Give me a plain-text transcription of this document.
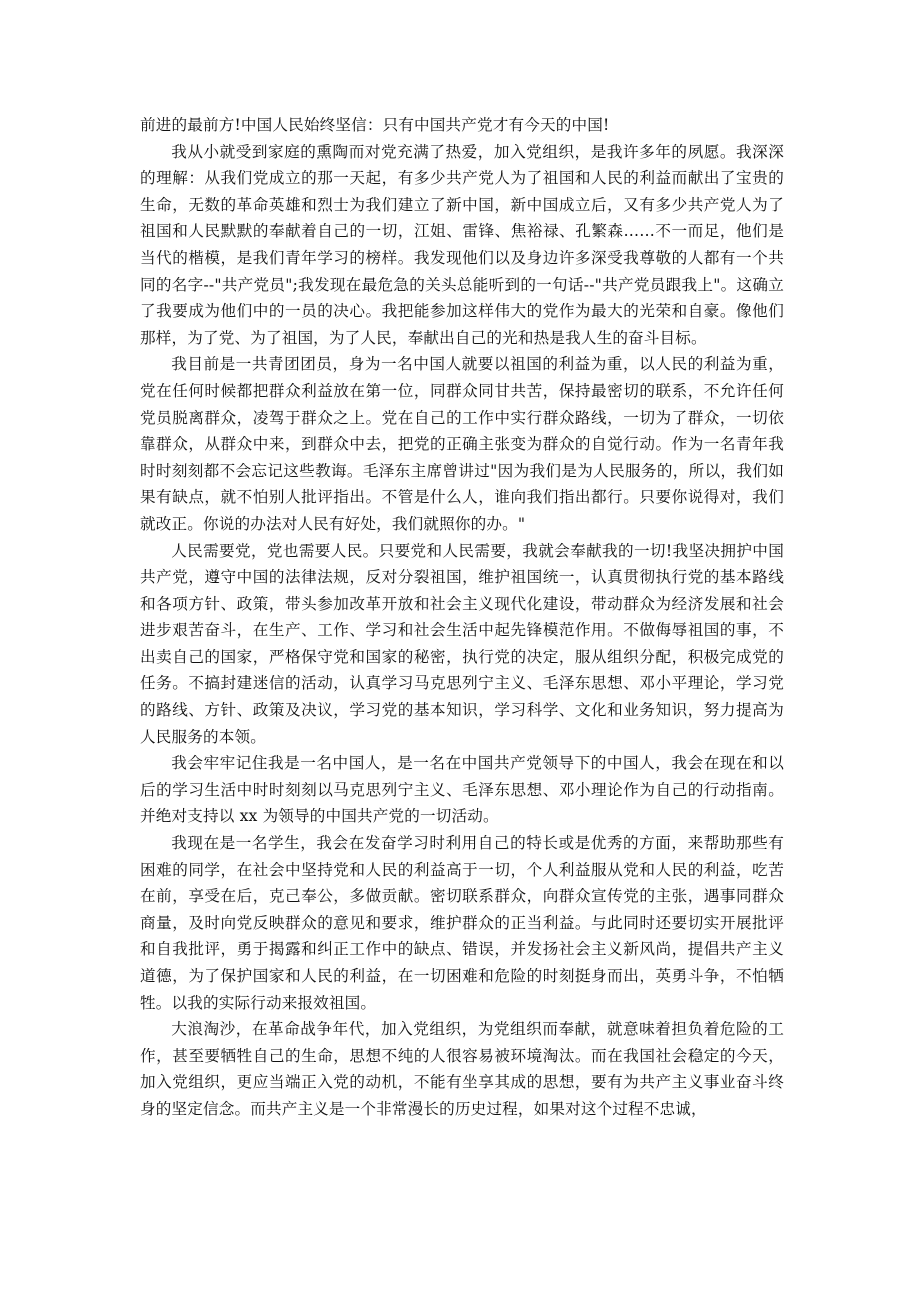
前进的最前方!中国人民始终坚信：只有中国共产党才有今天的中国!

我从小就受到家庭的熏陶而对党充满了热爱，加入党组织，是我许多年的夙愿。我深深的理解：从我们党成立的那一天起，有多少共产党人为了祖国和人民的利益而献出了宝贵的生命，无数的革命英雄和烈士为我们建立了新中国，新中国成立后，又有多少共产党人为了祖国和人民默默的奉献着自己的一切，江姐、雷锋、焦裕禄、孔繁森……不一而足，他们是当代的楷模，是我们青年学习的榜样。我发现他们以及身边许多深受我尊敬的人都有一个共同的名字--"共产党员";我发现在最危急的关头总能听到的一句话--"共产党员跟我上"。这确立了我要成为他们中的一员的决心。我把能参加这样伟大的党作为最大的光荣和自豪。像他们那样，为了党、为了祖国，为了人民，奉献出自己的光和热是我人生的奋斗目标。

我目前是一共青团团员，身为一名中国人就要以祖国的利益为重，以人民的利益为重，党在任何时候都把群众利益放在第一位，同群众同甘共苦，保持最密切的联系，不允许任何党员脱离群众，凌驾于群众之上。党在自己的工作中实行群众路线，一切为了群众，一切依靠群众，从群众中来，到群众中去，把党的正确主张变为群众的自觉行动。作为一名青年我时时刻刻都不会忘记这些教诲。毛泽东主席曾讲过"因为我们是为人民服务的，所以，我们如果有缺点，就不怕别人批评指出。不管是什么人，谁向我们指出都行。只要你说得对，我们就改正。你说的办法对人民有好处，我们就照你的办。"

人民需要党，党也需要人民。只要党和人民需要，我就会奉献我的一切!我坚决拥护中国共产党，遵守中国的法律法规，反对分裂祖国，维护祖国统一，认真贯彻执行党的基本路线和各项方针、政策，带头参加改革开放和社会主义现代化建设，带动群众为经济发展和社会进步艰苦奋斗，在生产、工作、学习和社会生活中起先锋模范作用。不做侮辱祖国的事，不出卖自己的国家，严格保守党和国家的秘密，执行党的决定，服从组织分配，积极完成党的任务。不搞封建迷信的活动，认真学习马克思列宁主义、毛泽东思想、邓小平理论，学习党的路线、方针、政策及决议，学习党的基本知识，学习科学、文化和业务知识，努力提高为人民服务的本领。

我会牢牢记住我是一名中国人，是一名在中国共产党领导下的中国人，我会在现在和以后的学习生活中时时刻刻以马克思列宁主义、毛泽东思想、邓小理论作为自己的行动指南。并绝对支持以 xx 为领导的中国共产党的一切活动。

我现在是一名学生，我会在发奋学习时利用自己的特长或是优秀的方面，来帮助那些有困难的同学，在社会中坚持党和人民的利益高于一切，个人利益服从党和人民的利益，吃苦在前，享受在后，克己奉公，多做贡献。密切联系群众，向群众宣传党的主张，遇事同群众商量，及时向党反映群众的意见和要求，维护群众的正当利益。与此同时还要切实开展批评和自我批评，勇于揭露和纠正工作中的缺点、错误，并发扬社会主义新风尚，提倡共产主义道德，为了保护国家和人民的利益，在一切困难和危险的时刻挺身而出，英勇斗争，不怕牺牲。以我的实际行动来报效祖国。

大浪淘沙，在革命战争年代，加入党组织，为党组织而奉献，就意味着担负着危险的工作，甚至要牺牲自己的生命，思想不纯的人很容易被环境淘汰。而在我国社会稳定的今天，加入党组织，更应当端正入党的动机，不能有坐享其成的思想，要有为共产主义事业奋斗终身的坚定信念。而共产主义是一个非常漫长的历史过程，如果对这个过程不忠诚，
